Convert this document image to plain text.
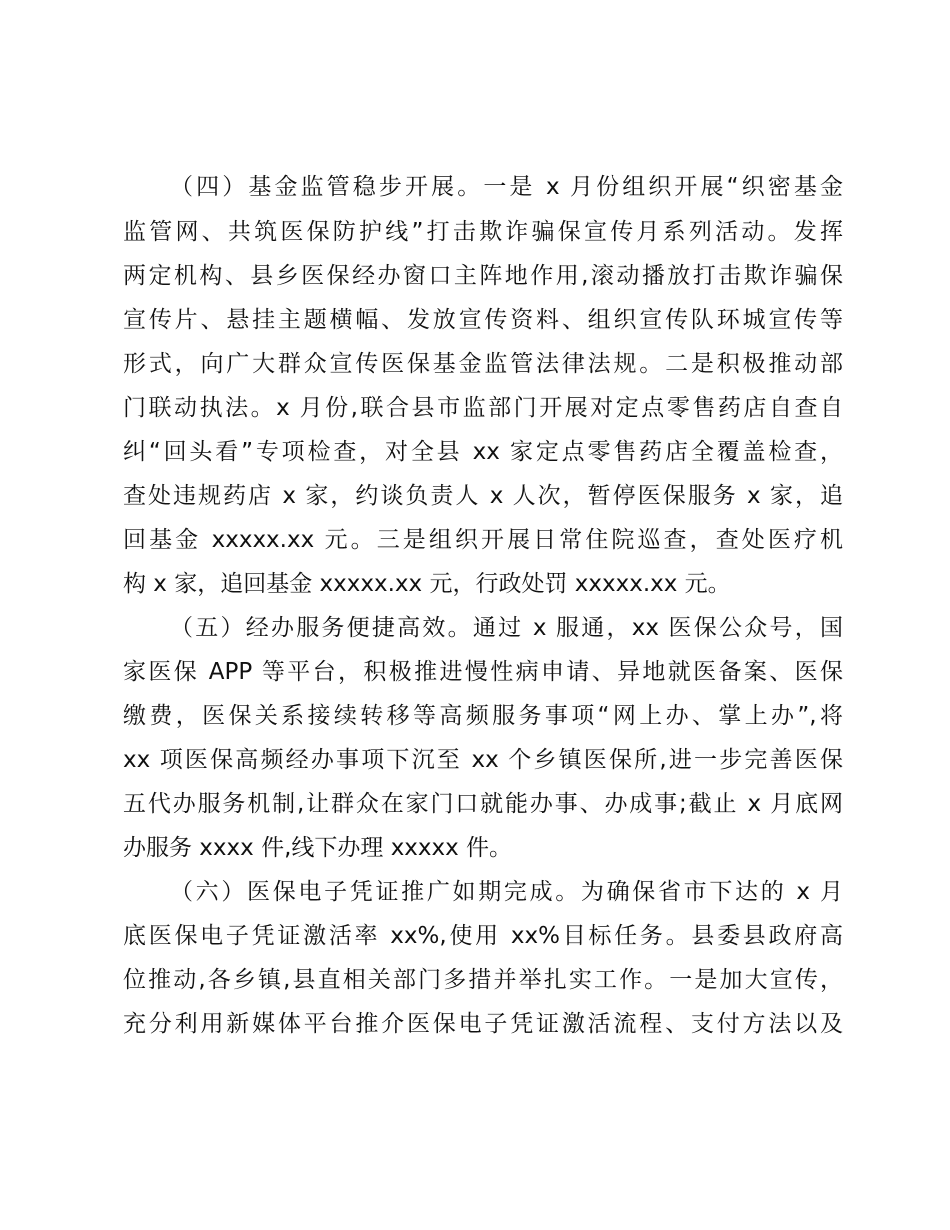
（四）基金监管稳步开展。一是 x 月份组织开展“织密基金
监管网、共筑医保防护线”打击欺诈骗保宣传月系列活动。发挥
两定机构、县乡医保经办窗口主阵地作用,滚动播放打击欺诈骗保
宣传片、悬挂主题横幅、发放宣传资料、组织宣传队环城宣传等
形式，向广大群众宣传医保基金监管法律法规。二是积极推动部
门联动执法。x 月份,联合县市监部门开展对定点零售药店自查自
纠“回头看”专项检查，对全县 xx 家定点零售药店全覆盖检查，
查处违规药店 x 家，约谈负责人 x 人次，暂停医保服务 x 家，追
回基金 xxxxx.xx 元。三是组织开展日常住院巡查，查处医疗机
构 x 家，追回基金 xxxxx.xx 元，行政处罚 xxxxx.xx 元。
（五）经办服务便捷高效。通过 x 服通，xx 医保公众号，国
家医保 APP 等平台，积极推进慢性病申请、异地就医备案、医保
缴费，医保关系接续转移等高频服务事项“网上办、掌上办”,将
xx 项医保高频经办事项下沉至 xx 个乡镇医保所,进一步完善医保
五代办服务机制,让群众在家门口就能办事、办成事;截止 x 月底网
办服务 xxxx 件,线下办理 xxxxx 件。
（六）医保电子凭证推广如期完成。为确保省市下达的 x 月
底医保电子凭证激活率 xx%,使用 xx%目标任务。县委县政府高
位推动,各乡镇,县直相关部门多措并举扎实工作。一是加大宣传，
充分利用新媒体平台推介医保电子凭证激活流程、支付方法以及
